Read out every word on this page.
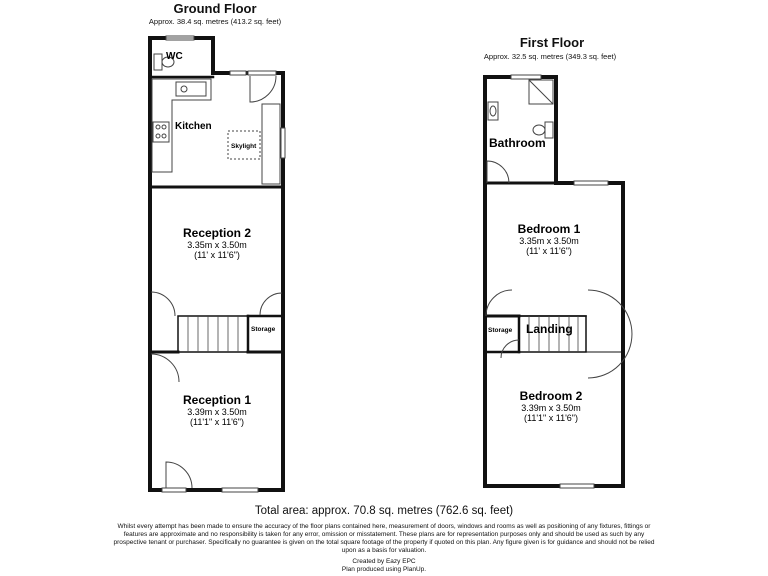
Ground Floor
Approx. 38.4 sq. metres (413.2 sq. feet)
First Floor
Approx. 32.5 sq. metres (349.3 sq. feet)
WC
Kitchen
Skylight
Reception 2
3.35m x 3.50m
(11' x 11'6")
Storage
Reception 1
3.39m x 3.50m
(11'1" x 11'6")
Bathroom
Bedroom 1
3.35m x 3.50m
(11' x 11'6")
Storage Landing
Bedroom 2
3.39m x 3.50m
(11'1" x 11'6")
Total area: approx. 70.8 sq. metres (762.6 sq. feet)
Whilst every attempt has been made to ensure the accuracy of the floor plans contained here, measurement of doors, windows and rooms as well as positioning of any fixtures, fittings or features are approximate and no responsibility is taken for any error, omission or misstatement. These plans are for representation purposes only and should be used as such by any prospective tenant or purchaser. Specifically no guarantee is given on the total square footage of the property if quoted on this plan. Any figure given is for guidance and should not be relied upon as a basis for valuation.
Created by Eazy EPC
Plan produced using PlanUp.
